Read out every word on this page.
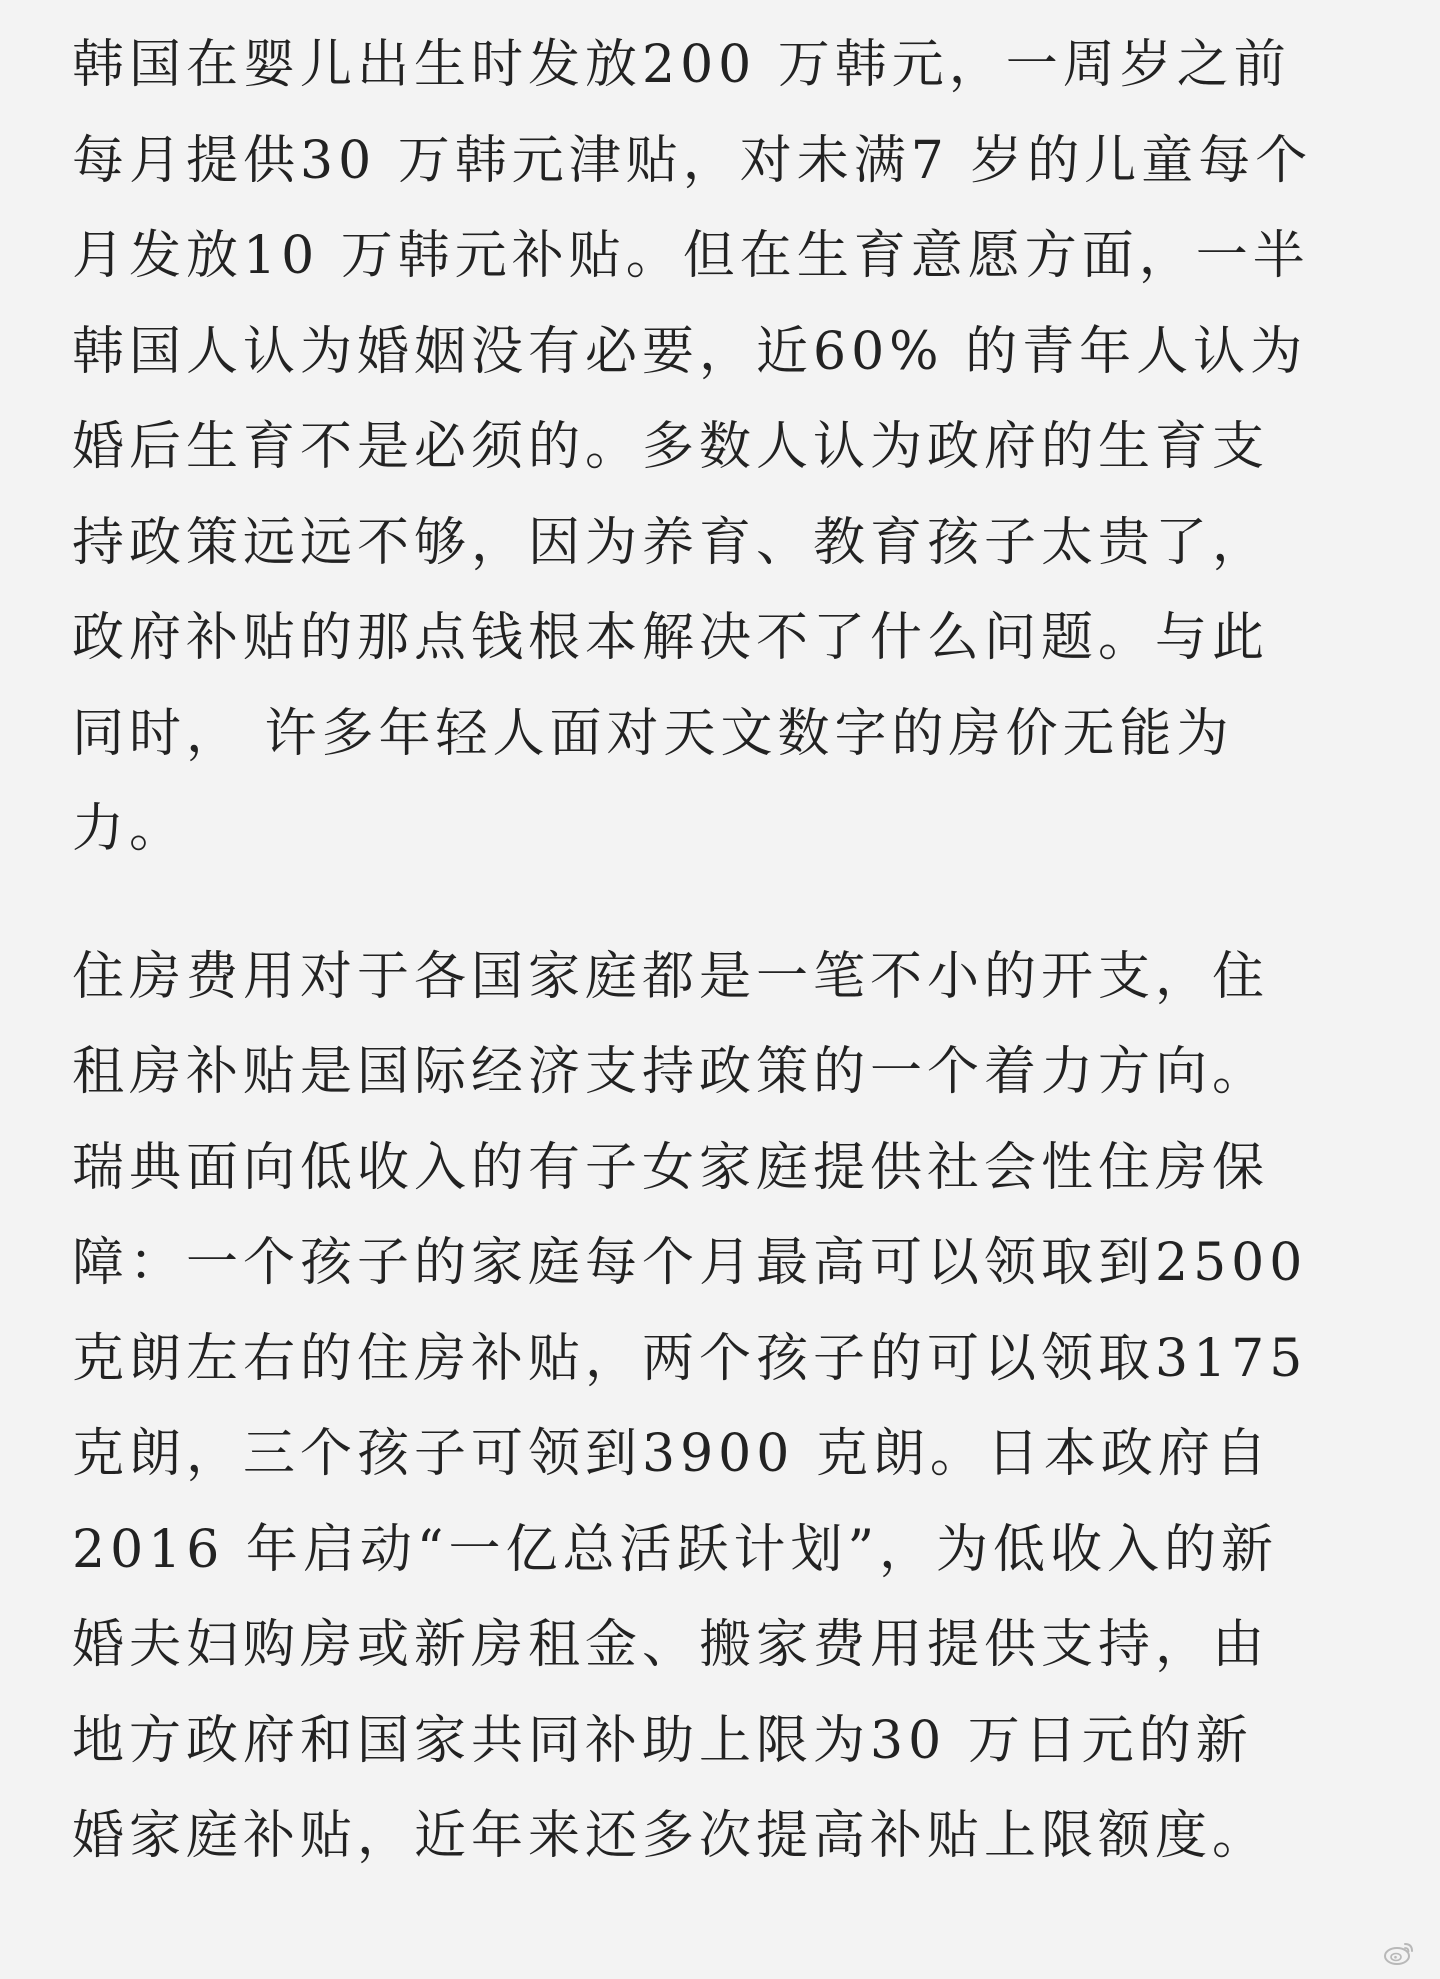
韩国在婴儿出生时发放200 万韩元，一周岁之前
每月提供30 万韩元津贴，对未满7 岁的儿童每个
月发放10 万韩元补贴。但在生育意愿方面，一半
韩国人认为婚姻没有必要，近60% 的青年人认为
婚后生育不是必须的。多数人认为政府的生育支
持政策远远不够，因为养育、教育孩子太贵了，
政府补贴的那点钱根本解决不了什么问题。与此
同时， 许多年轻人面对天文数字的房价无能为
力。

住房费用对于各国家庭都是一笔不小的开支，住
租房补贴是国际经济支持政策的一个着力方向。
瑞典面向低收入的有子女家庭提供社会性住房保
障：一个孩子的家庭每个月最高可以领取到2500
克朗左右的住房补贴，两个孩子的可以领取3175
克朗，三个孩子可领到3900 克朗。日本政府自
2016 年启动“一亿总活跃计划”，为低收入的新
婚夫妇购房或新房租金、搬家费用提供支持，由
地方政府和国家共同补助上限为30 万日元的新
婚家庭补贴，近年来还多次提高补贴上限额度。
